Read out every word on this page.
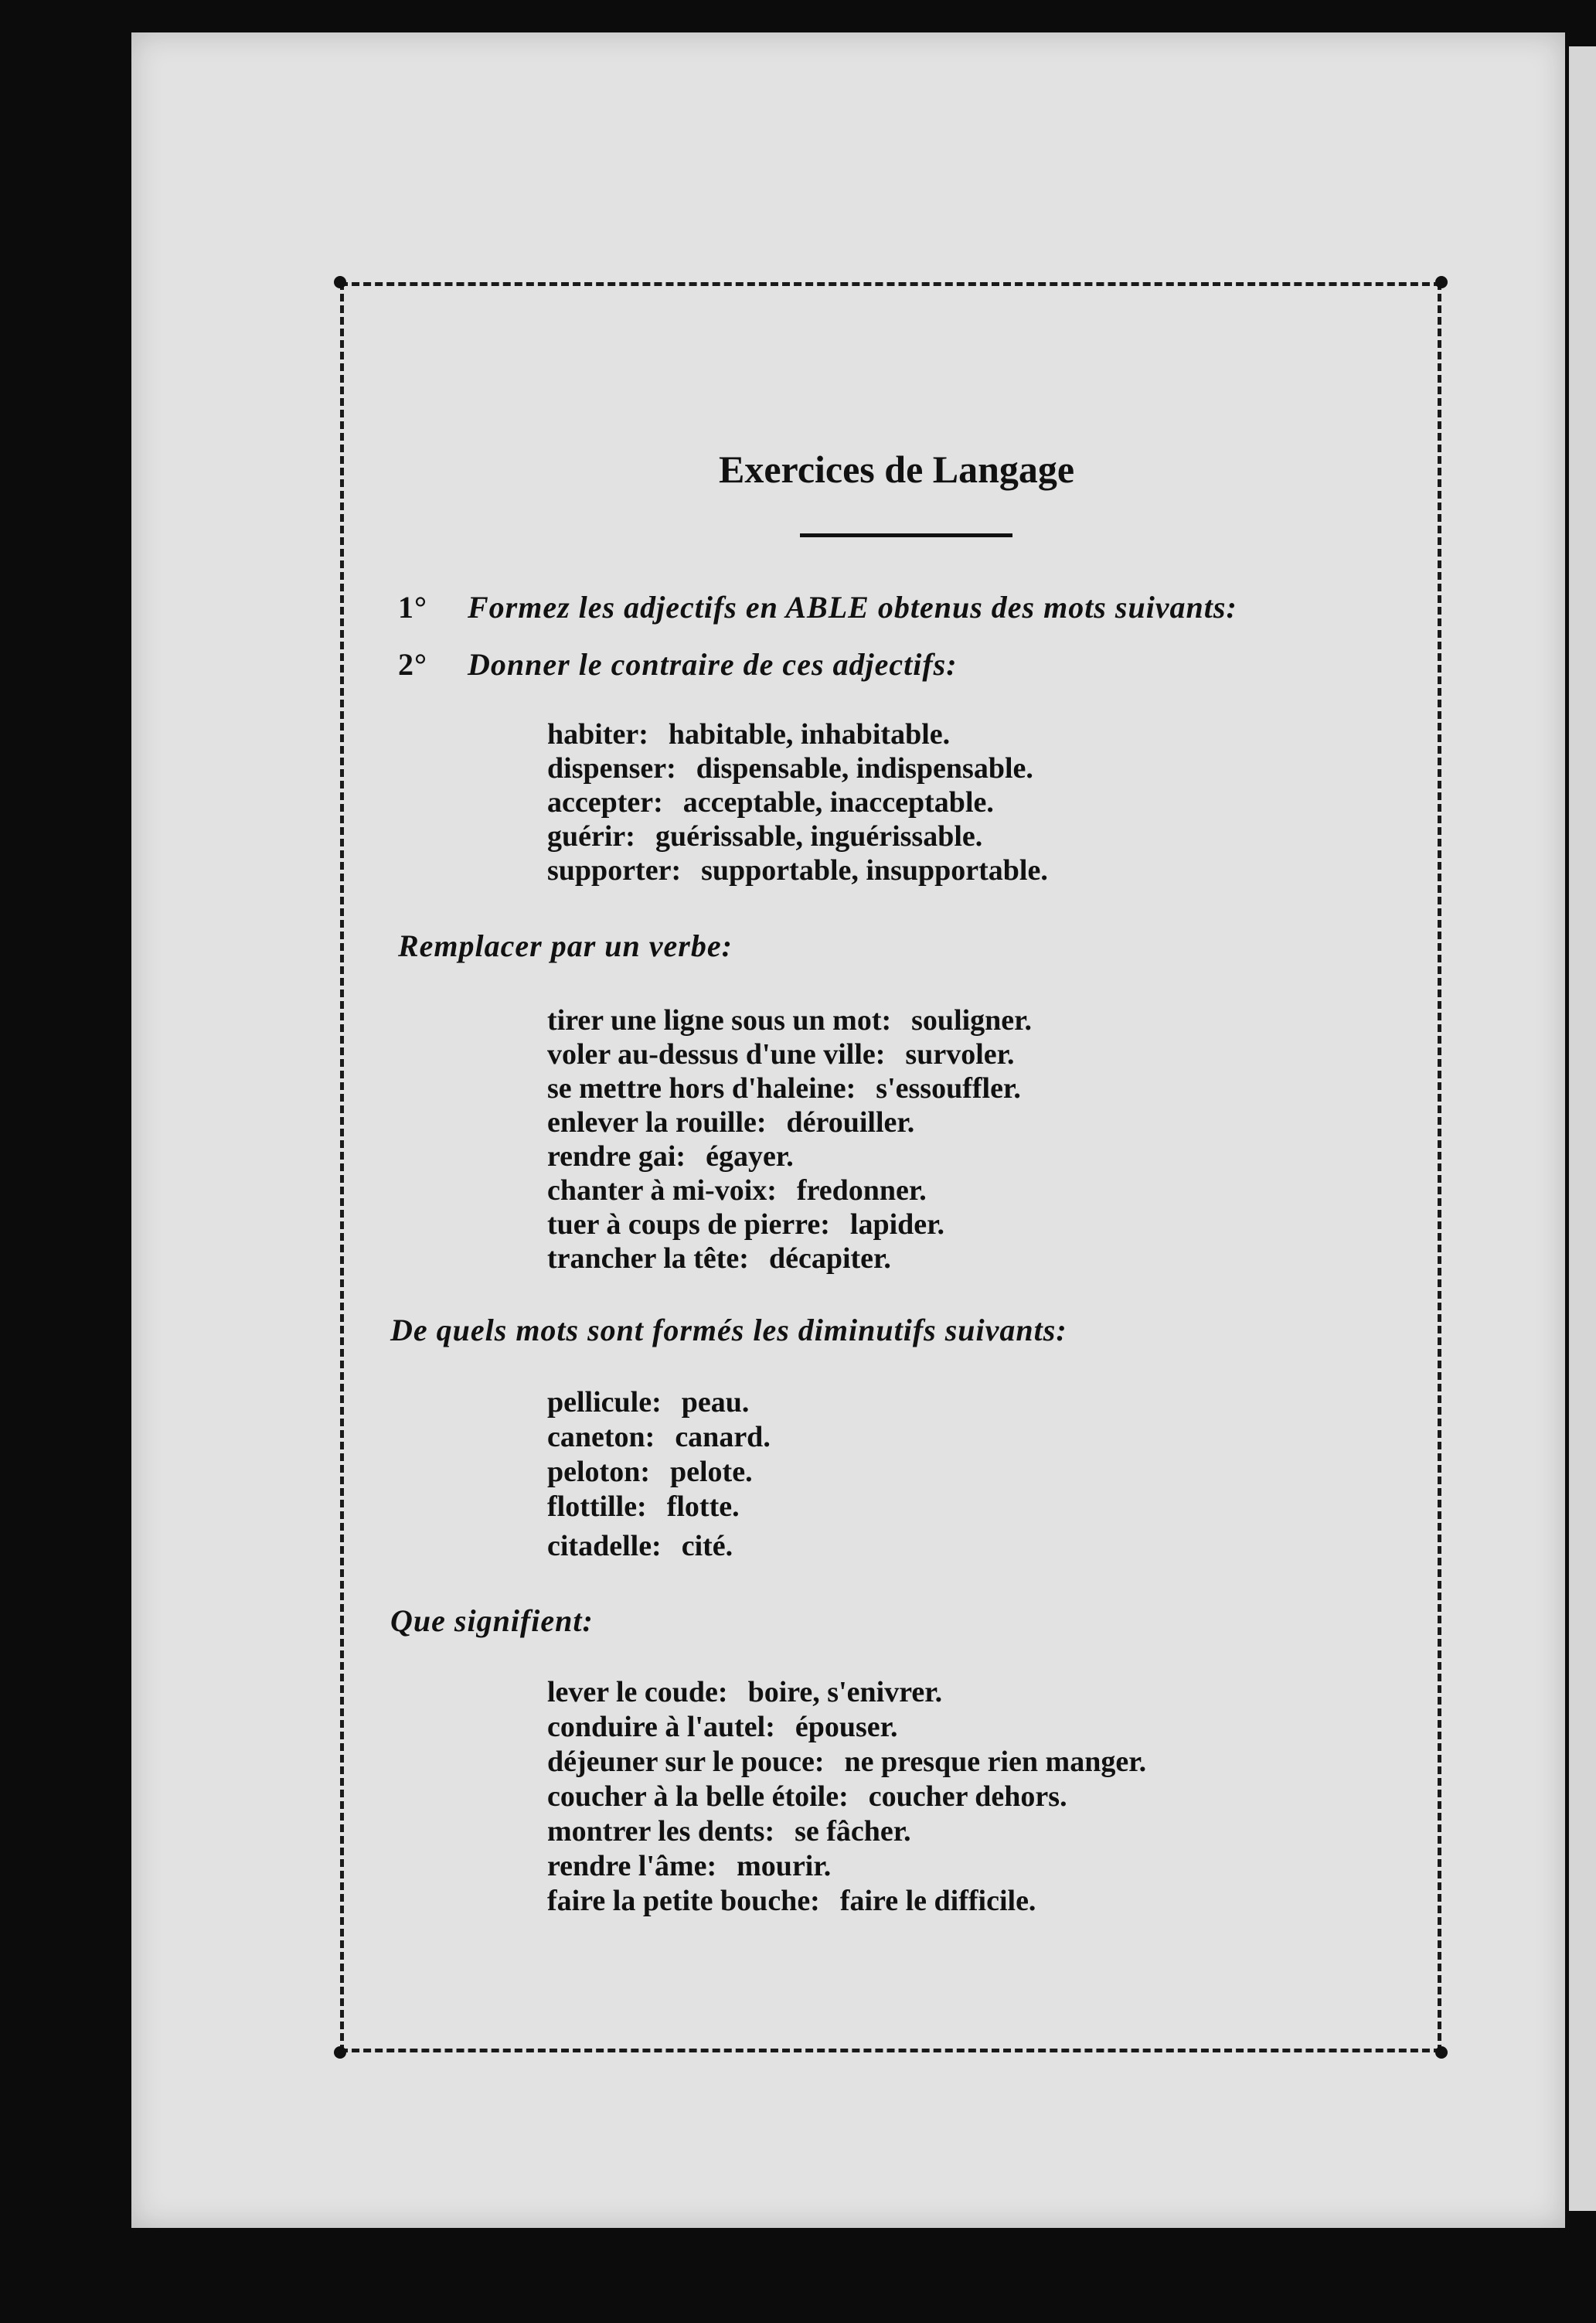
Exercices de Langage
1° Formez les adjectifs en ABLE obtenus des mots suivants:
2° Donner le contraire de ces adjectifs:
habiter: habitable, inhabitable.
dispenser: dispensable, indispensable.
accepter: acceptable, inacceptable.
guérir: guérissable, inguérissable.
supporter: supportable, insupportable.
Remplacer par un verbe:
tirer une ligne sous un mot: souligner.
voler au-dessus d'une ville: survoler.
se mettre hors d'haleine: s'essouffler.
enlever la rouille: dérouiller.
rendre gai: égayer.
chanter à mi-voix: fredonner.
tuer à coups de pierre: lapider.
trancher la tête: décapiter.
De quels mots sont formés les diminutifs suivants:
pellicule: peau.
caneton: canard.
peloton: pelote.
flottille: flotte.
citadelle: cité.
Que signifient:
lever le coude: boire, s'enivrer.
conduire à l'autel: épouser.
déjeuner sur le pouce: ne presque rien manger.
coucher à la belle étoile: coucher dehors.
montrer les dents: se fâcher.
rendre l'âme: mourir.
faire la petite bouche: faire le difficile.
